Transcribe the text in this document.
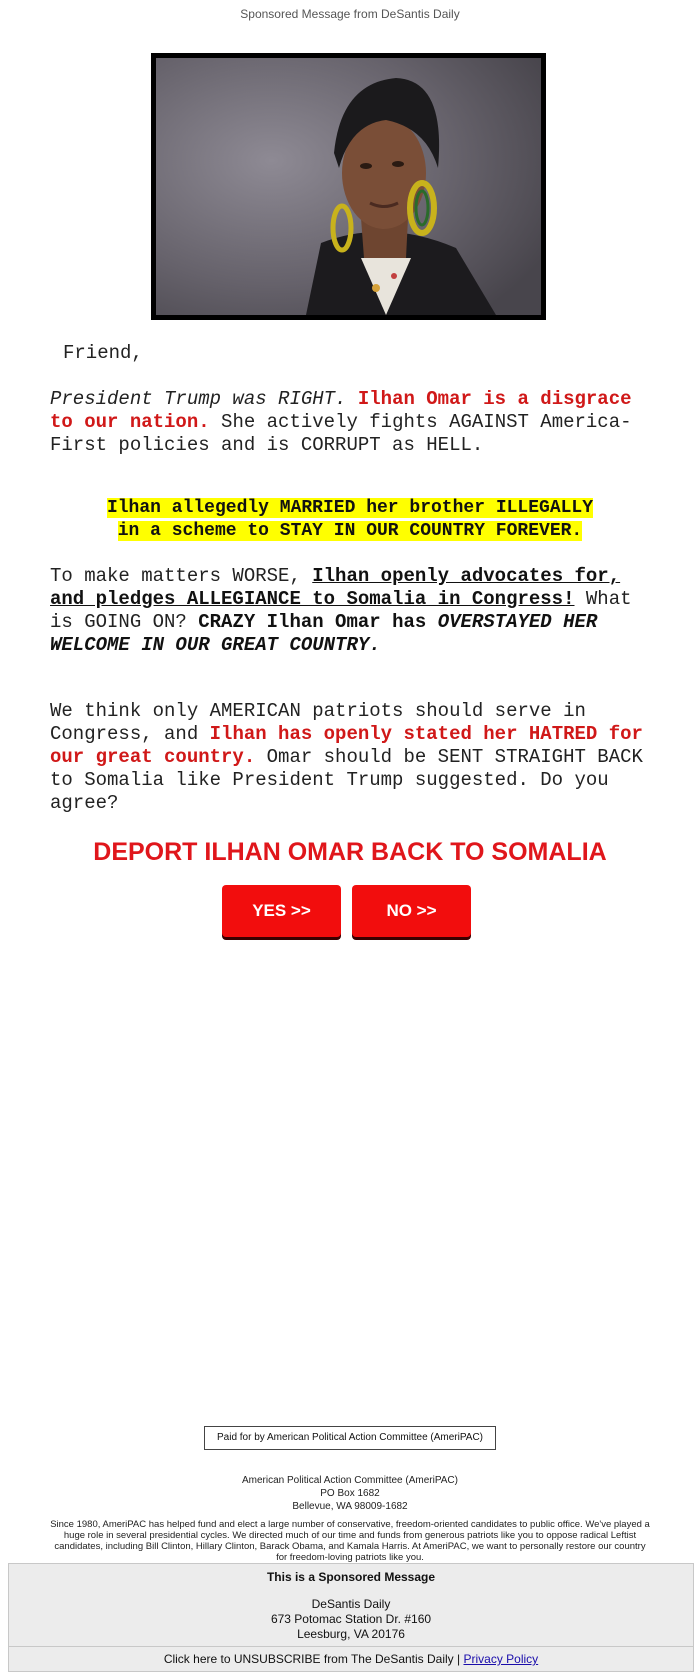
Sponsored Message from DeSantis Daily
Friend,
President Trump was RIGHT. Ilhan Omar is a disgrace to our nation. She actively fights AGAINST America-First policies and is CORRUPT as HELL.
Ilhan allegedly MARRIED her brother ILLEGALLY
in a scheme to STAY IN OUR COUNTRY FOREVER.
To make matters WORSE, Ilhan openly advocates for, and pledges ALLEGIANCE to Somalia in Congress! What is GOING ON? CRAZY Ilhan Omar has OVERSTAYED HER WELCOME IN OUR GREAT COUNTRY.
We think only AMERICAN patriots should serve in Congress, and Ilhan has openly stated her HATRED for our great country. Omar should be SENT STRAIGHT BACK to Somalia like President Trump suggested. Do you agree?
DEPORT ILHAN OMAR BACK TO SOMALIA
YES >>	NO >>
Paid for by American Political Action Committee (AmeriPAC)
American Political Action Committee (AmeriPAC)
PO Box 1682
Bellevue, WA 98009-1682
Since 1980, AmeriPAC has helped fund and elect a large number of conservative, freedom-oriented candidates to public office. We've played a huge role in several presidential cycles. We directed much of our time and funds from generous patriots like you to oppose radical Leftist candidates, including Bill Clinton, Hillary Clinton, Barack Obama, and Kamala Harris. At AmeriPAC, we want to personally restore our country for freedom-loving patriots like you.
This is a Sponsored Message
DeSantis Daily
673 Potomac Station Dr. #160
Leesburg, VA 20176
Click here to UNSUBSCRIBE from The DeSantis Daily | Privacy Policy
